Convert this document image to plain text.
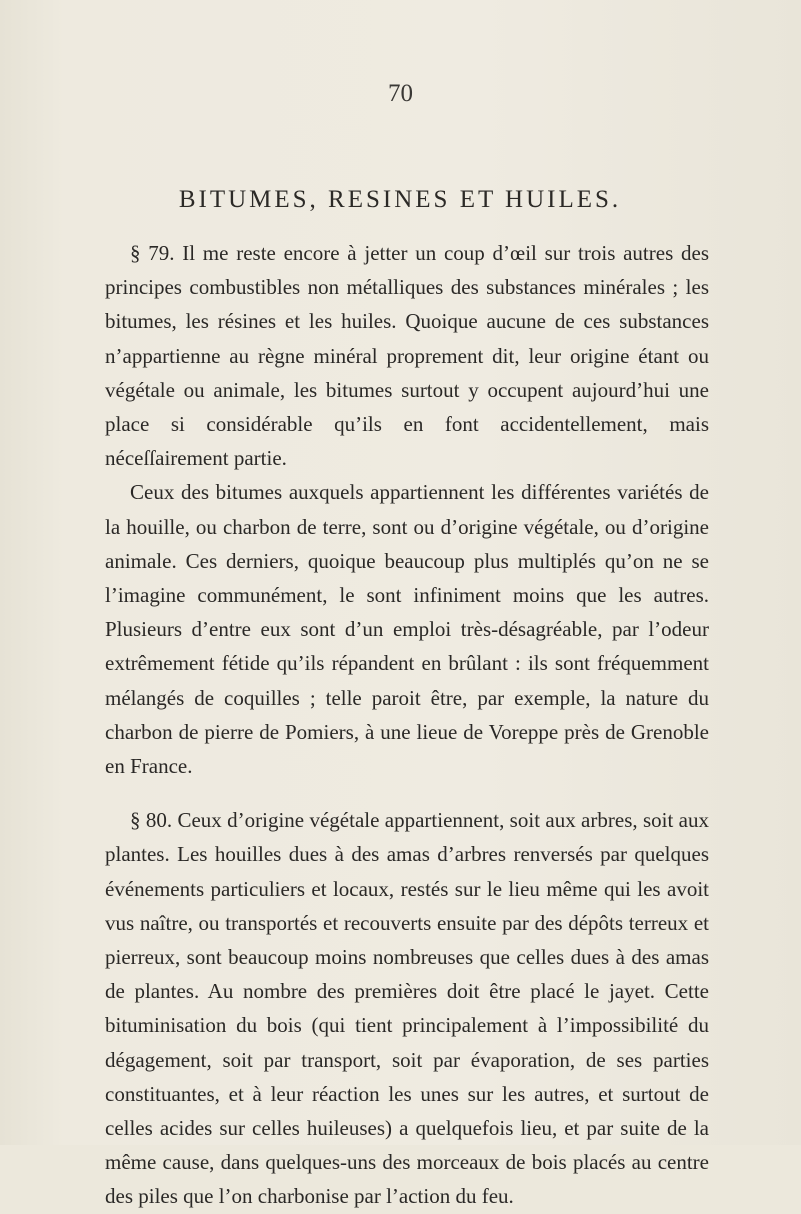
70
BITUMES, RESINES ET HUILES.

§ 79. Il me reste encore à jetter un coup d’œil sur trois autres des principes combustibles non métalliques des substances minérales ; les bitumes, les résines et les huiles. Quoique aucune de ces substances n’appartienne au règne minéral proprement dit, leur origine étant ou végétale ou animale, les bitumes surtout y occupent aujourd’hui une place si considérable qu’ils en font accidentellement, mais néceſſairement partie.

Ceux des bitumes auxquels appartiennent les différentes variétés de la houille, ou charbon de terre, sont ou d’origine végétale, ou d’origine animale. Ces derniers, quoique beaucoup plus multiplés qu’on ne se l’imagine communément, le sont infiniment moins que les autres. Plusieurs d’entre eux sont d’un emploi très-désagréable, par l’odeur extrêmement fétide qu’ils répandent en brûlant : ils sont fréquemment mélangés de coquilles ; telle paroit être, par exemple, la nature du charbon de pierre de Pomiers, à une lieue de Voreppe près de Grenoble en France.

§ 80. Ceux d’origine végétale appartiennent, soit aux arbres, soit aux plantes. Les houilles dues à des amas d’arbres renversés par quelques événements particuliers et locaux, restés sur le lieu même qui les avoit vus naître, ou transportés et recouverts ensuite par des dépôts terreux et pierreux, sont beaucoup moins nombreuses que celles dues à des amas de plantes. Au nombre des premières doit être placé le jayet. Cette bituminisation du bois (qui tient principalement à l’impossibilité du dégagement, soit par transport, soit par évaporation, de ses parties constituantes, et à leur réaction les unes sur les autres, et surtout de celles acides sur celles huileuses) a quelquefois lieu, et par suite de la même cause, dans quelques-uns des morceaux de bois placés au centre des piles que l’on charbonise par l’action du feu.
